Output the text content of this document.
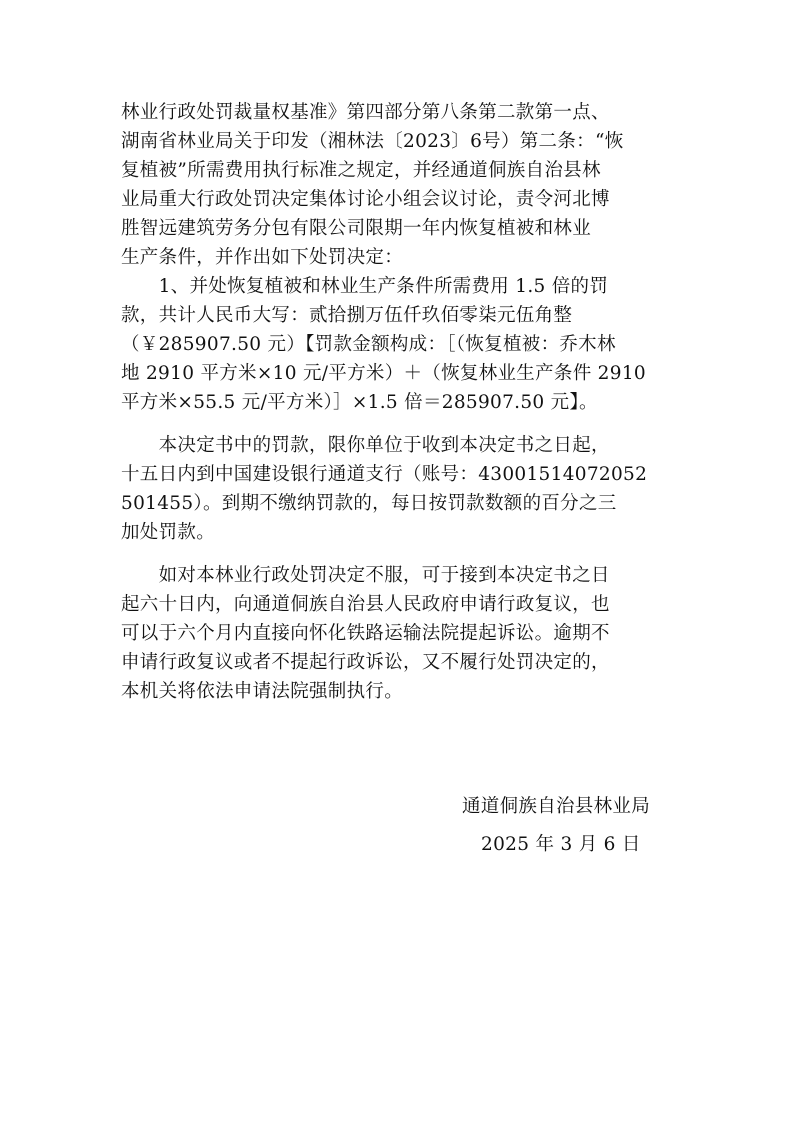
林业行政处罚裁量权基准》第四部分第八条第二款第一点、
湖南省林业局关于印发（湘林法〔2023〕6号）第二条：“恢
复植被”所需费用执行标准之规定，并经通道侗族自治县林
业局重大行政处罚决定集体讨论小组会议讨论，责令河北博
胜智远建筑劳务分包有限公司限期一年内恢复植被和林业
生产条件，并作出如下处罚决定：
　　1、并处恢复植被和林业生产条件所需费用 1.5 倍的罚
款，共计人民币大写：贰拾捌万伍仟玖佰零柒元伍角整
（￥285907.50 元）【罚款金额构成：［（恢复植被：乔木林
地 2910 平方米×10 元/平方米）＋（恢复林业生产条件 2910
平方米×55.5 元/平方米）］×1.5 倍＝285907.50 元】。
　　本决定书中的罚款，限你单位于收到本决定书之日起，
十五日内到中国建设银行通道支行（账号：43001514072052
501455）。到期不缴纳罚款的，每日按罚款数额的百分之三
加处罚款。
　　如对本林业行政处罚决定不服，可于接到本决定书之日
起六十日内，向通道侗族自治县人民政府申请行政复议，也
可以于六个月内直接向怀化铁路运输法院提起诉讼。逾期不
申请行政复议或者不提起行政诉讼，又不履行处罚决定的，
本机关将依法申请法院强制执行。
通道侗族自治县林业局
2025 年 3 月 6 日
